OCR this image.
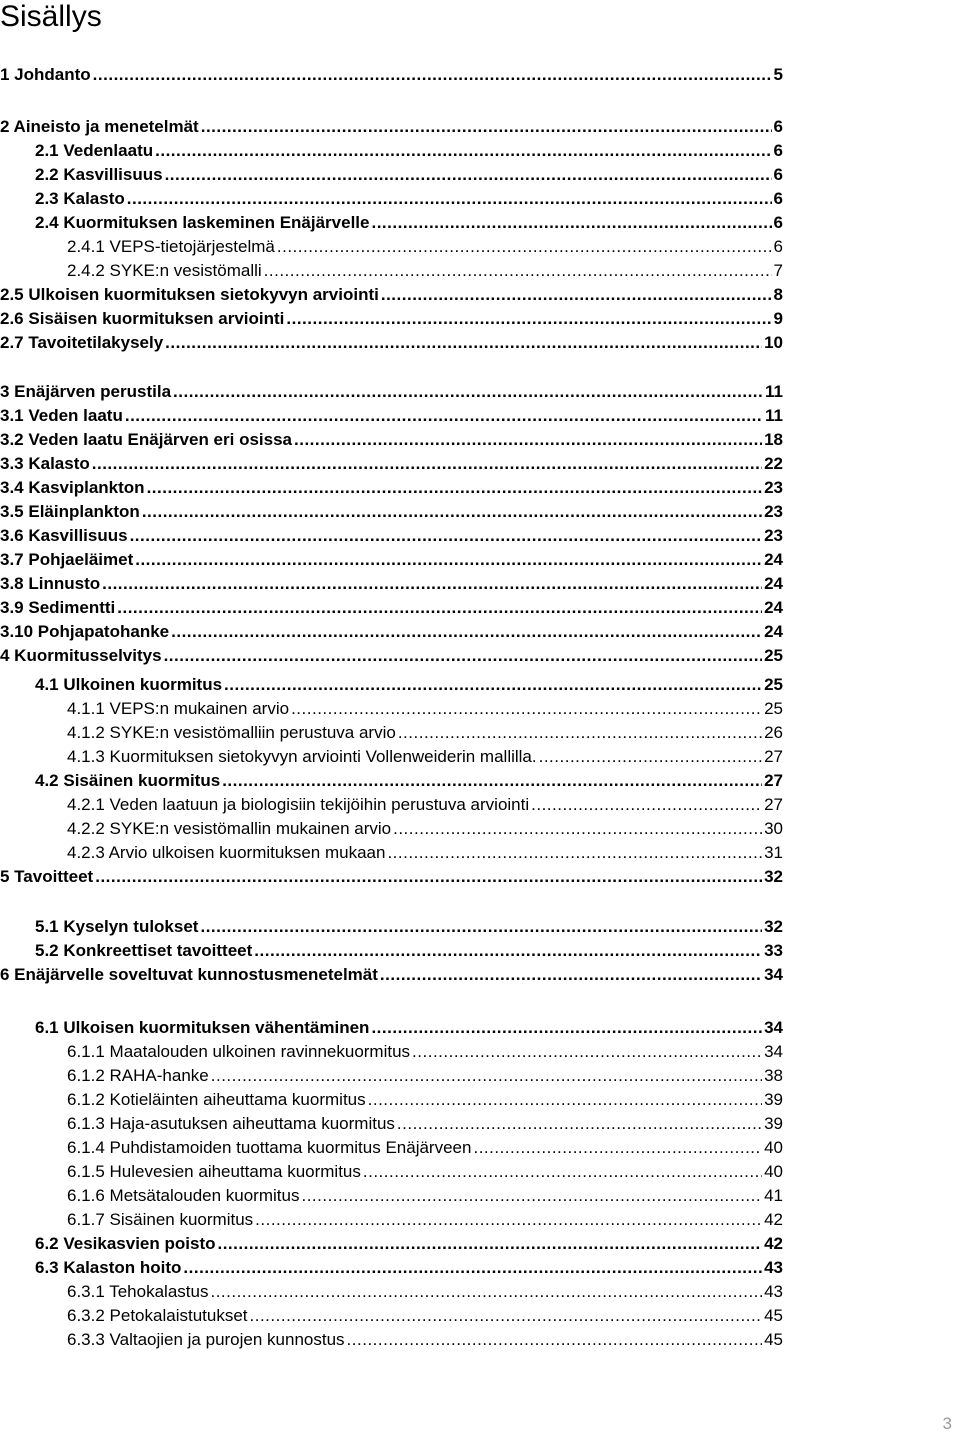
Sisällys
1 Johdanto .....	5
2 Aineisto ja menetelmät .....	6
2.1 Vedenlaatu .....	6
2.2 Kasvillisuus .....	6
2.3 Kalasto .....	6
2.4 Kuormituksen laskeminen Enäjärvelle .....	6
2.4.1 VEPS-tietojärjestelmä .....	6
2.4.2 SYKE:n vesistömalli .....	7
2.5 Ulkoisen kuormituksen sietokyvyn arviointi .....	8
2.6 Sisäisen kuormituksen arviointi .....	9
2.7 Tavoitetilakysely .....	10
3 Enäjärven perustila .....	11
3.1 Veden laatu .....	11
3.2 Veden laatu Enäjärven eri osissa .....	18
3.3 Kalasto .....	22
3.4 Kasviplankton .....	23
3.5 Eläinplankton .....	23
3.6 Kasvillisuus .....	23
3.7 Pohjaeläimet .....	24
3.8 Linnusto .....	24
3.9 Sedimentti .....	24
3.10 Pohjapatohanke .....	24
4 Kuormitusselvitys .....	25
4.1 Ulkoinen kuormitus .....	25
4.1.1 VEPS:n mukainen arvio .....	25
4.1.2 SYKE:n vesistömalliin perustuva arvio .....	26
4.1.3 Kuormituksen sietokyvyn arviointi Vollenweiderin mallilla. .....	27
4.2 Sisäinen kuormitus .....	27
4.2.1 Veden laatuun ja biologisiin tekijöihin perustuva arviointi .....	27
4.2.2 SYKE:n vesistömallin mukainen arvio .....	30
4.2.3 Arvio ulkoisen kuormituksen mukaan .....	31
5 Tavoitteet .....	32
5.1 Kyselyn tulokset .....	32
5.2 Konkreettiset tavoitteet .....	33
6 Enäjärvelle soveltuvat kunnostusmenetelmät .....	34
6.1 Ulkoisen kuormituksen vähentäminen .....	34
6.1.1 Maatalouden ulkoinen ravinnekuormitus .....	34
6.1.2 RAHA-hanke .....	38
6.1.2 Kotieläinten aiheuttama kuormitus .....	39
6.1.3 Haja-asutuksen aiheuttama kuormitus .....	39
6.1.4 Puhdistamoiden tuottama kuormitus Enäjärveen .....	40
6.1.5 Hulevesien aiheuttama kuormitus .....	40
6.1.6 Metsätalouden kuormitus .....	41
6.1.7 Sisäinen kuormitus .....	42
6.2 Vesikasvien poisto .....	42
6.3 Kalaston hoito .....	43
6.3.1 Tehokalastus .....	43
6.3.2 Petokalaistutukset .....	45
6.3.3 Valtaojien ja purojen kunnostus .....	45
3
